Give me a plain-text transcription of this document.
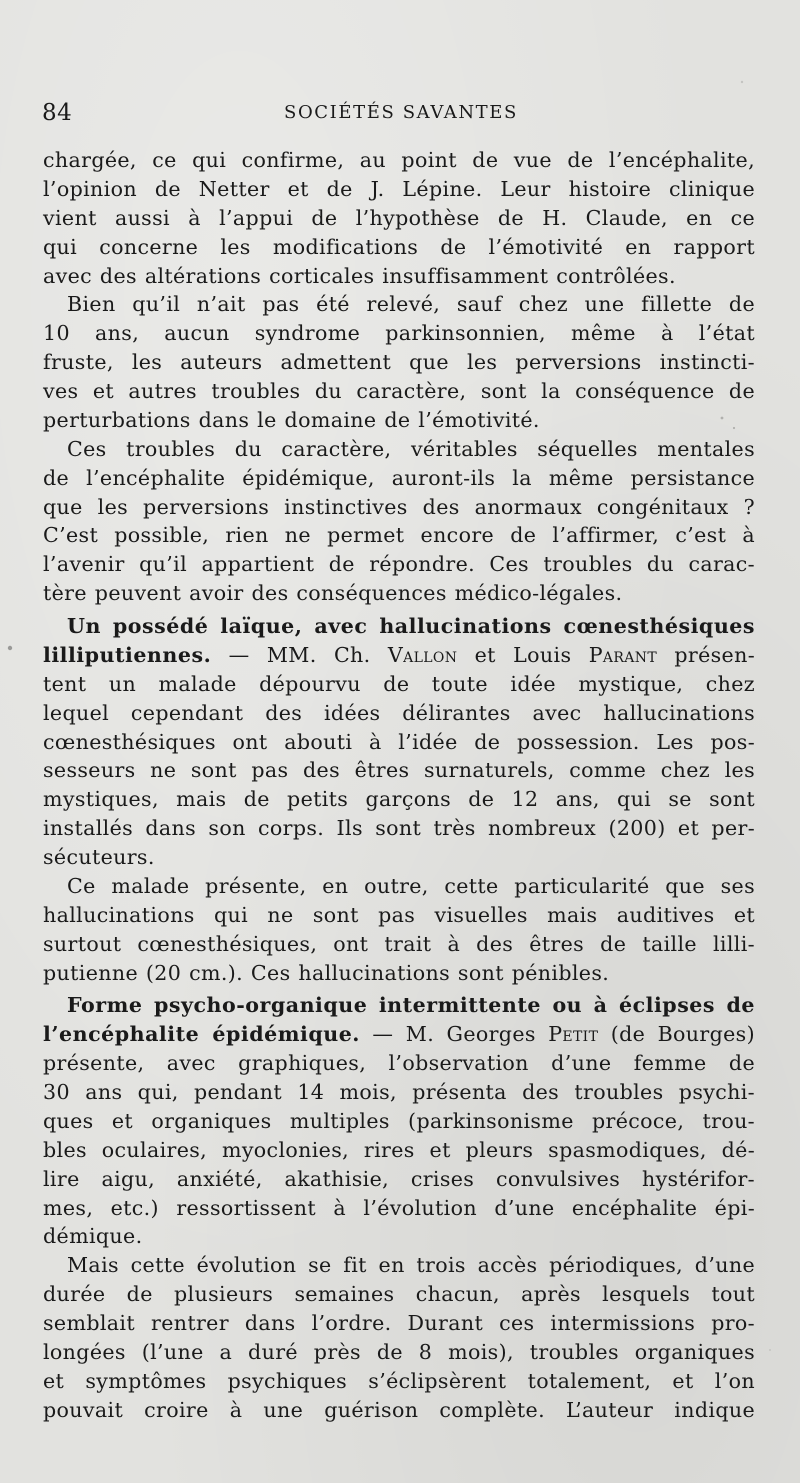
84	SOCIÉTÉS SAVANTES
chargée, ce qui confirme, au point de vue de l’encéphalite,
l’opinion de Netter et de J. Lépine. Leur histoire clinique
vient aussi à l’appui de l’hypothèse de H. Claude, en ce
qui concerne les modifications de l’émotivité en rapport
avec des altérations corticales insuffisamment contrôlées.
Bien qu’il n’ait pas été relevé, sauf chez une fillette de
10 ans, aucun syndrome parkinsonnien, même à l’état
fruste, les auteurs admettent que les perversions instincti-
ves et autres troubles du caractère, sont la conséquence de
perturbations dans le domaine de l’émotivité.
Ces troubles du caractère, véritables séquelles mentales
de l’encéphalite épidémique, auront-ils la même persistance
que les perversions instinctives des anormaux congénitaux ?
C’est possible, rien ne permet encore de l’affirmer, c’est à
l’avenir qu’il appartient de répondre. Ces troubles du carac-
tère peuvent avoir des conséquences médico-légales.
Un possédé laïque, avec hallucinations cœnesthésiques
lilliputiennes. — MM. Ch. Vallon et Louis Parant présen-
tent un malade dépourvu de toute idée mystique, chez
lequel cependant des idées délirantes avec hallucinations
cœnesthésiques ont abouti à l’idée de possession. Les pos-
sesseurs ne sont pas des êtres surnaturels, comme chez les
mystiques, mais de petits garçons de 12 ans, qui se sont
installés dans son corps. Ils sont très nombreux (200) et per-
sécuteurs.
Ce malade présente, en outre, cette particularité que ses
hallucinations qui ne sont pas visuelles mais auditives et
surtout cœnesthésiques, ont trait à des êtres de taille lilli-
putienne (20 cm.). Ces hallucinations sont pénibles.
Forme psycho-organique intermittente ou à éclipses de
l’encéphalite épidémique. — M. Georges Petit (de Bourges)
présente, avec graphiques, l’observation d’une femme de
30 ans qui, pendant 14 mois, présenta des troubles psychi-
ques et organiques multiples (parkinsonisme précoce, trou-
bles oculaires, myoclonies, rires et pleurs spasmodiques, dé-
lire aigu, anxiété, akathisie, crises convulsives hystérifor-
mes, etc.) ressortissent à l’évolution d’une encéphalite épi-
démique.
Mais cette évolution se fit en trois accès périodiques, d’une
durée de plusieurs semaines chacun, après lesquels tout
semblait rentrer dans l’ordre. Durant ces intermissions pro-
longées (l’une a duré près de 8 mois), troubles organiques
et symptômes psychiques s’éclipsèrent totalement, et l’on
pouvait croire à une guérison complète. L’auteur indique
